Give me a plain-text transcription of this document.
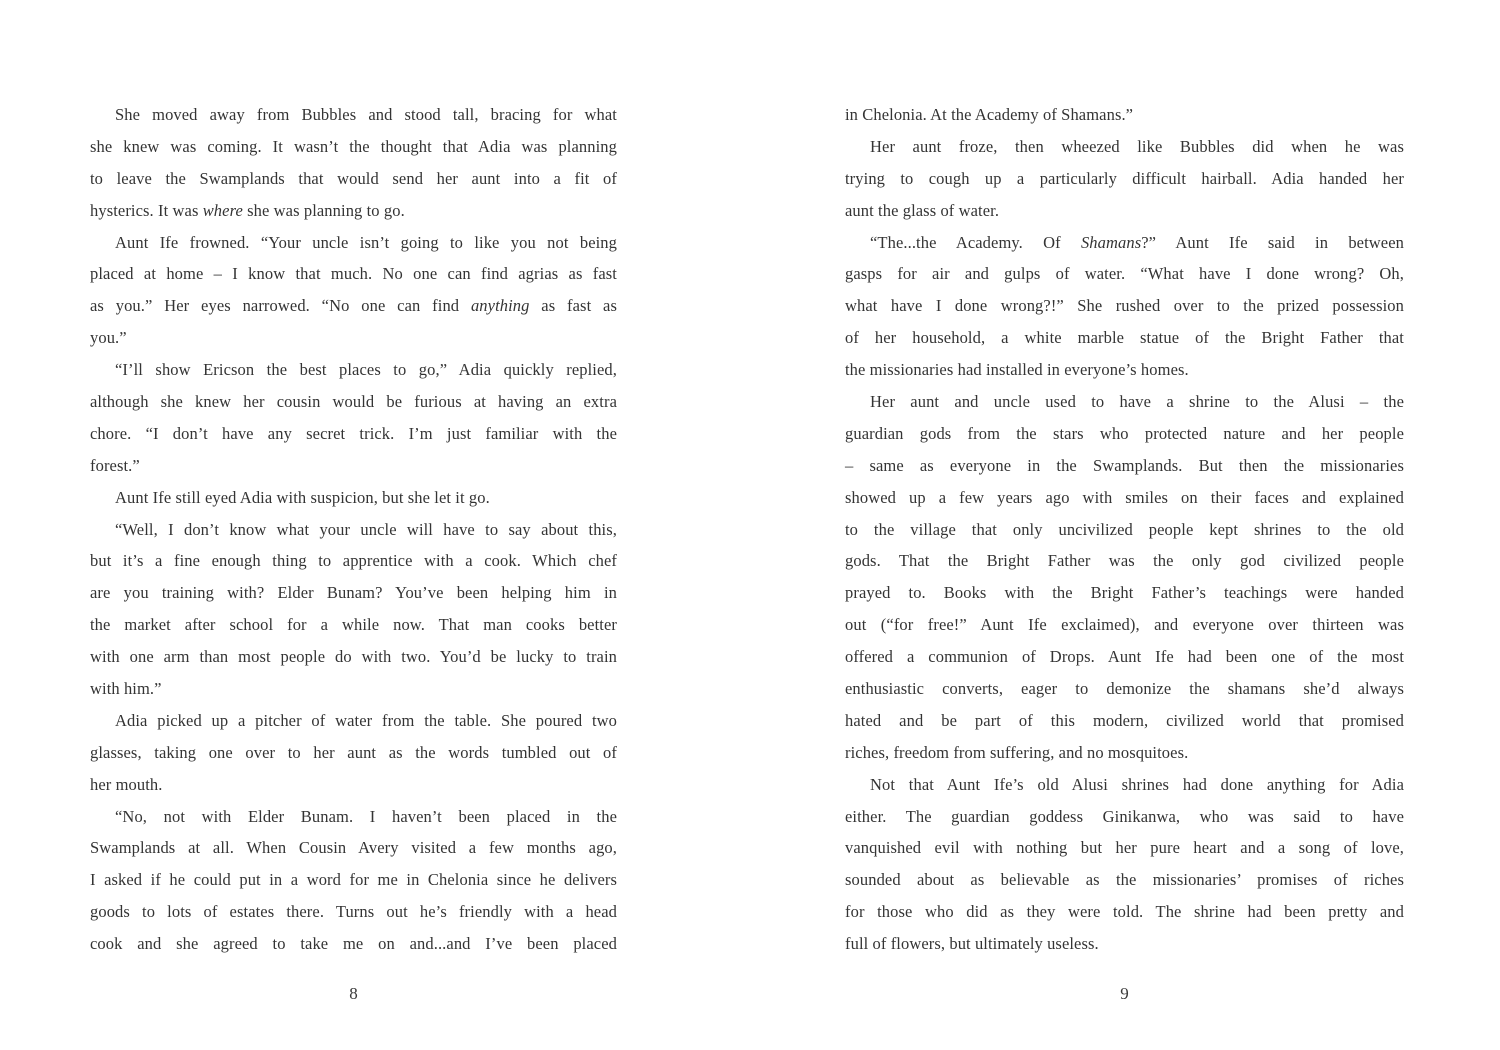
She moved away from Bubbles and stood tall, bracing for what
she knew was coming. It wasn’t the thought that Adia was planning
to leave the Swamplands that would send her aunt into a fit of
hysterics. It was where she was planning to go.
Aunt Ife frowned. “Your uncle isn’t going to like you not being
placed at home – I know that much. No one can find agrias as fast
as you.” Her eyes narrowed. “No one can find anything as fast as
you.”
“I’ll show Ericson the best places to go,” Adia quickly replied,
although she knew her cousin would be furious at having an extra
chore. “I don’t have any secret trick. I’m just familiar with the
forest.”
Aunt Ife still eyed Adia with suspicion, but she let it go.
“Well, I don’t know what your uncle will have to say about this,
but it’s a fine enough thing to apprentice with a cook. Which chef
are you training with? Elder Bunam? You’ve been helping him in
the market after school for a while now. That man cooks better
with one arm than most people do with two. You’d be lucky to train
with him.”
Adia picked up a pitcher of water from the table. She poured two
glasses, taking one over to her aunt as the words tumbled out of
her mouth.
“No, not with Elder Bunam. I haven’t been placed in the
Swamplands at all. When Cousin Avery visited a few months ago,
I asked if he could put in a word for me in Chelonia since he delivers
goods to lots of estates there. Turns out he’s friendly with a head
cook and she agreed to take me on and...and I’ve been placed
8
in Chelonia. At the Academy of Shamans.”
Her aunt froze, then wheezed like Bubbles did when he was
trying to cough up a particularly difficult hairball. Adia handed her
aunt the glass of water.
“The...the Academy. Of Shamans?” Aunt Ife said in between
gasps for air and gulps of water. “What have I done wrong? Oh,
what have I done wrong?!” She rushed over to the prized possession
of her household, a white marble statue of the Bright Father that
the missionaries had installed in everyone’s homes.
Her aunt and uncle used to have a shrine to the Alusi – the
guardian gods from the stars who protected nature and her people
– same as everyone in the Swamplands. But then the missionaries
showed up a few years ago with smiles on their faces and explained
to the village that only uncivilized people kept shrines to the old
gods. That the Bright Father was the only god civilized people
prayed to. Books with the Bright Father’s teachings were handed
out (“for free!” Aunt Ife exclaimed), and everyone over thirteen was
offered a communion of Drops. Aunt Ife had been one of the most
enthusiastic converts, eager to demonize the shamans she’d always
hated and be part of this modern, civilized world that promised
riches, freedom from suffering, and no mosquitoes.
Not that Aunt Ife’s old Alusi shrines had done anything for Adia
either. The guardian goddess Ginikanwa, who was said to have
vanquished evil with nothing but her pure heart and a song of love,
sounded about as believable as the missionaries’ promises of riches
for those who did as they were told. The shrine had been pretty and
full of flowers, but ultimately useless.
9
